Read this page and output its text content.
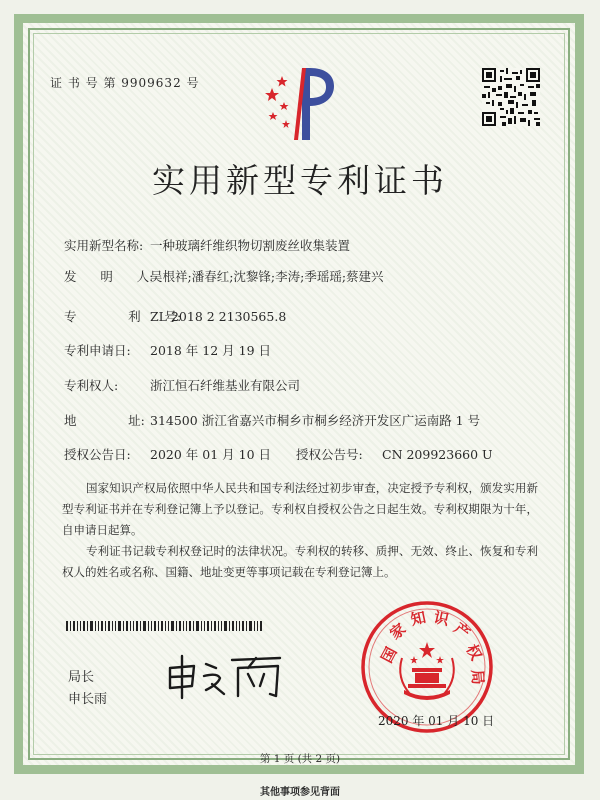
证 书 号 第 9909632 号
实用新型专利证书
实用新型名称: 一种玻璃纤维织物切割废丝收集装置
发      明      人:吴根祥;潘春红;沈黎锋;李涛;季瑶瑶;蔡建兴
专             利      号:ZL 2018 2 2130565.8
专利申请日: 2018 年 12 月 19 日
专利权人:	浙江恒石纤维基业有限公司
地             址: 314500 浙江省嘉兴市桐乡市桐乡经济开发区广运南路 1 号
授权公告日: 2020 年 01 月 10 日 授权公告号: CN 209923660 U
国家知识产权局依照中华人民共和国专利法经过初步审查，决定授予专利权，颁发实用新型专利证书并在专利登记簿上予以登记。专利权自授权公告之日起生效。专利权期限为十年，自申请日起算。
专利证书记载专利权登记时的法律状况。专利权的转移、质押、无效、终止、恢复和专利权人的姓名或名称、国籍、地址变更等事项记载在专利登记簿上。
局长
申长雨
国
家
知 识
产
权
局
2020 年 01 月 10 日
第 1 页 (共 2 页)
其他事项参见背面
